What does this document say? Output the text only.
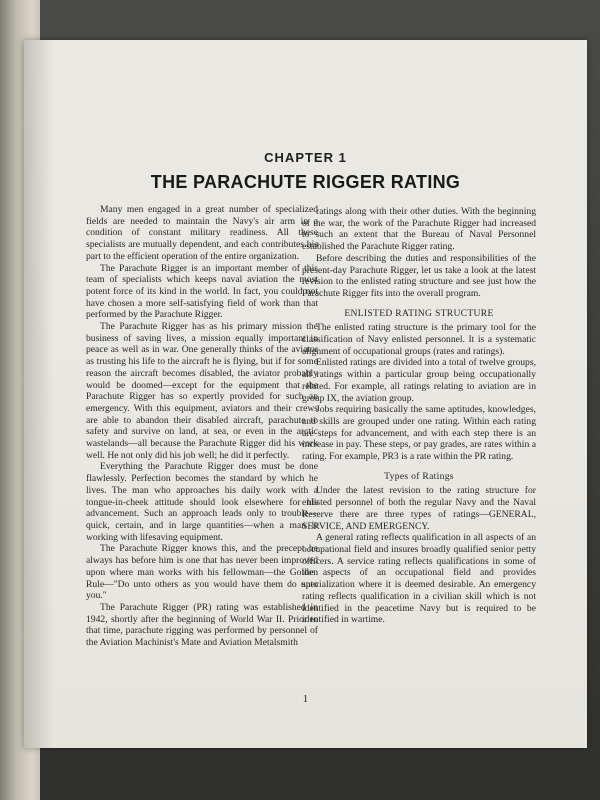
CHAPTER 1
THE PARACHUTE RIGGER RATING

Many men engaged in a great number of specialized fields are needed to maintain the Navy's air arm in a condition of constant military readiness. All these specialists are mutually dependent, and each contributes his part to the efficient operation of the entire organization.

The Parachute Rigger is an important member of this team of specialists which keeps naval aviation the most potent force of its kind in the world. In fact, you could not have chosen a more self-satisfying field of work than that performed by the Parachute Rigger.

The Parachute Rigger has as his primary mission the business of saving lives, a mission equally important in peace as well as in war. One generally thinks of the aviator as trusting his life to the aircraft he is flying, but if for some reason the aircraft becomes disabled, the aviator probably would be doomed—except for the equipment that the Parachute Rigger has so expertly provided for such an emergency. With this equipment, aviators and their crews are able to abandon their disabled aircraft, parachute to safety and survive on land, at sea, or even in the arctic wastelands—all because the Parachute Rigger did his work well. He not only did his job well; he did it perfectly.

Everything the Parachute Rigger does must be done flawlessly. Perfection becomes the standard by which he lives. The man who approaches his daily work with a tongue-in-cheek attitude should look elsewhere for his advancement. Such an approach leads only to trouble—quick, certain, and in large quantities—when a man is working with lifesaving equipment.

The Parachute Rigger knows this, and the precept he always has before him is one that has never been improved upon where man works with his fellowman—the Golden Rule—"Do unto others as you would have them do unto you."

The Parachute Rigger (PR) rating was established in 1942, shortly after the beginning of World War II. Prior to that time, parachute rigging was performed by personnel of the Aviation Machinist's Mate and Aviation Metalsmith

ratings along with their other duties. With the beginning of the war, the work of the Parachute Rigger had increased to such an extent that the Bureau of Naval Personnel established the Parachute Rigger rating.

Before describing the duties and responsibilities of the present-day Parachute Rigger, let us take a look at the latest revision to the enlisted rating structure and see just how the Parachute Rigger fits into the overall program.

ENLISTED RATING STRUCTURE

The enlisted rating structure is the primary tool for the classification of Navy enlisted personnel. It is a systematic alignment of occupational groups (rates and ratings).

Enlisted ratings are divided into a total of twelve groups, all ratings within a particular group being occupationally related. For example, all ratings relating to aviation are in group IX, the aviation group.

Jobs requiring basically the same aptitudes, knowledges, and skills are grouped under one rating. Within each rating are steps for advancement, and with each step there is an increase in pay. These steps, or pay grades, are rates within a rating. For example, PR3 is a rate within the PR rating.

Types of Ratings

Under the latest revision to the rating structure for enlisted personnel of both the regular Navy and the Naval Reserve there are three types of ratings—GENERAL, SERVICE, AND EMERGENCY.

A general rating reflects qualification in all aspects of an occupational field and insures broadly qualified senior petty officers. A service rating reflects qualifications in some of the aspects of an occupational field and provides specialization where it is deemed desirable. An emergency rating reflects qualification in a civilian skill which is not identified in the peacetime Navy but is required to be identified in wartime.

1
